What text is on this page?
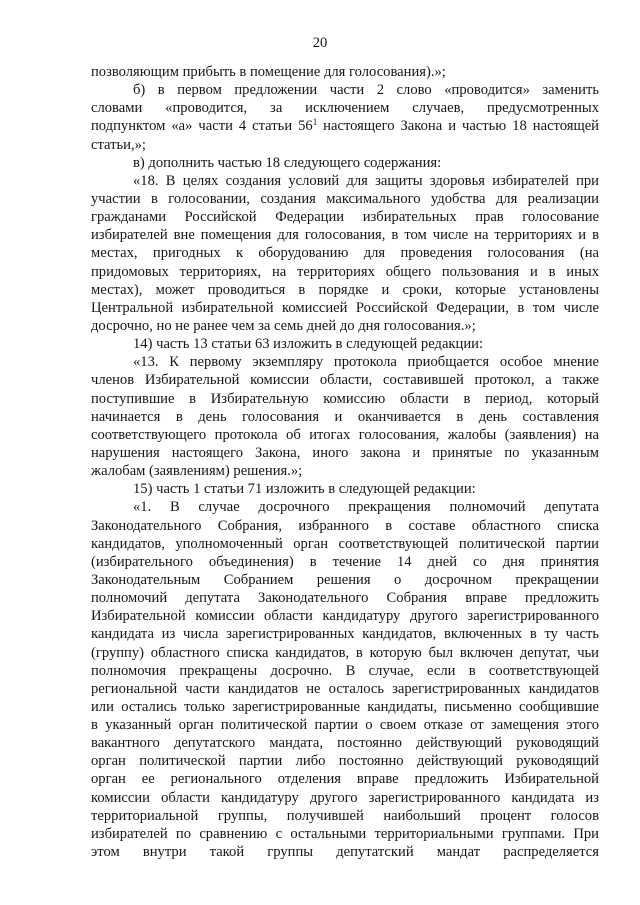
20
позволяющим прибыть в помещение для голосования).»;
б) в первом предложении части 2 слово «проводится» заменить
словами «проводится, за исключением случаев, предусмотренных
подпунктом «а» части 4 статьи $56^1$ настоящего Закона и частью 18 настоящей
статьи,»;
в) дополнить частью 18 следующего содержания:
«18. В целях создания условий для защиты здоровья избирателей при
участии в голосовании, создания максимального удобства для реализации
гражданами Российской Федерации избирательных прав голосование
избирателей вне помещения для голосования, в том числе на территориях и в
местах, пригодных к оборудованию для проведения голосования (на
придомовых территориях, на территориях общего пользования и в иных
местах), может проводиться в порядке и сроки, которые установлены
Центральной избирательной комиссией Российской Федерации, в том числе
досрочно, но не ранее чем за семь дней до дня голосования.»;
14) часть 13 статьи 63 изложить в следующей редакции:
«13. К первому экземпляру протокола приобщается особое мнение
членов Избирательной комиссии области, составившей протокол, а также
поступившие в Избирательную комиссию области в период, который
начинается в день голосования и оканчивается в день составления
соответствующего протокола об итогах голосования, жалобы (заявления) на
нарушения настоящего Закона, иного закона и принятые по указанным
жалобам (заявлениям) решения.»;
15) часть 1 статьи 71 изложить в следующей редакции:
«1. В случае досрочного прекращения полномочий депутата
Законодательного Собрания, избранного в составе областного списка
кандидатов, уполномоченный орган соответствующей политической партии
(избирательного объединения) в течение 14 дней со дня принятия
Законодательным Собранием решения о досрочном прекращении
полномочий депутата Законодательного Собрания вправе предложить
Избирательной комиссии области кандидатуру другого зарегистрированного
кандидата из числа зарегистрированных кандидатов, включенных в ту часть
(группу) областного списка кандидатов, в которую был включен депутат, чьи
полномочия прекращены досрочно. В случае, если в соответствующей
региональной части кандидатов не осталось зарегистрированных кандидатов
или остались только зарегистрированные кандидаты, письменно сообщившие
в указанный орган политической партии о своем отказе от замещения этого
вакантного депутатского мандата, постоянно действующий руководящий
орган политической партии либо постоянно действующий руководящий
орган ее регионального отделения вправе предложить Избирательной
комиссии области кандидатуру другого зарегистрированного кандидата из
территориальной группы, получившей наибольший процент голосов
избирателей по сравнению с остальными территориальными группами. При
этом внутри такой группы депутатский мандат распределяется
